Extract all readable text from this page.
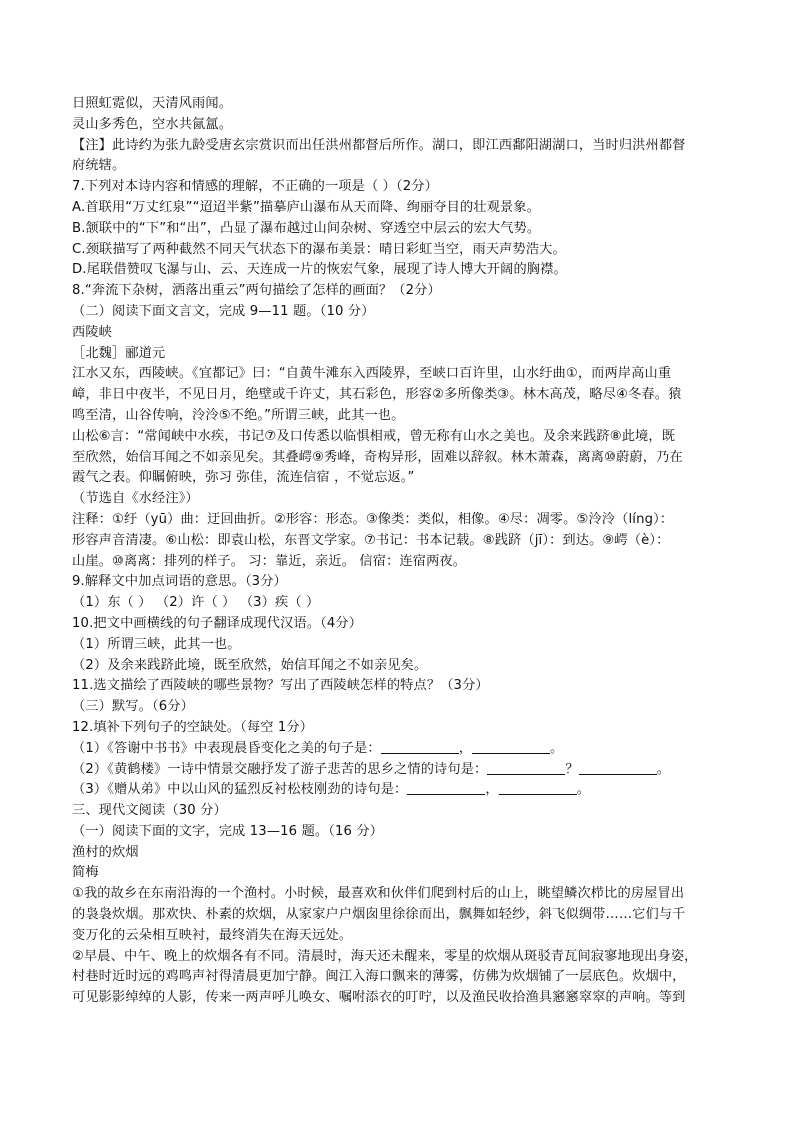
日照虹霓似，天清风雨闻。
灵山多秀色，空水共氤氲。
【注】此诗约为张九龄受唐玄宗赏识而出任洪州都督后所作。湖口，即江西鄱阳湖湖口，当时归洪州都督
府统辖。
7.下列对本诗内容和情感的理解，不正确的一项是（ ）（2分）
A.首联用“万丈红泉”“迢迢半紫”描摹庐山瀑布从天而降、绚丽夺目的壮观景象。
B.颔联中的“下”和“出”，凸显了瀑布越过山间杂树、穿透空中层云的宏大气势。
C.颈联描写了两种截然不同天气状态下的瀑布美景：晴日彩虹当空，雨天声势浩大。
D.尾联借赞叹飞瀑与山、云、天连成一片的恢宏气象，展现了诗人博大开阔的胸襟。
8.“奔流下杂树，洒落出重云”两句描绘了怎样的画面？（2分）
（二）阅读下面文言文，完成 9—11 题。（10 分）
西陵峡
［北魏］郦道元
江水又东，西陵峡。《宜都记》曰：“自黄牛滩东入西陵界，至峡口百许里，山水纡曲①，而两岸高山重
嶂，非日中夜半，不见日月，绝壁或千许丈，其石彩色，形容②多所像类③。林木高茂，略尽④冬春。猿
鸣至清，山谷传响，泠泠⑤不绝。”所谓三峡，此其一也。
山松⑥言：“常闻峡中水疾，书记⑦及口传悉以临惧相戒，曾无称有山水之美也。及余来践跻⑧此境，既
至欣然，始信耳闻之不如亲见矣。其叠崿⑨秀峰，奇构异形，固难以辞叙。林木萧森，离离⑩蔚蔚，乃在
霞气之表。仰瞩俯映，弥习 弥佳，流连信宿 ，不觉忘返。”
（节选自《水经注》）
注释：①纡（yū）曲：迂回曲折。②形容：形态。③像类：类似，相像。④尽：凋零。⑤泠泠（líng）：
形容声音清凄。⑥山松：即袁山松，东晋文学家。⑦书记：书本记载。⑧践跻（jī）：到达。⑨崿（è）：
山崖。⑩离离：排列的样子。 习：靠近，亲近。 信宿：连宿两夜。
9.解释文中加点词语的意思。（3分）
（1）东（ ） （2）许（ ） （3）疾（ ）
10.把文中画横线的句子翻译成现代汉语。（4分）
（1）所谓三峡，此其一也。
（2）及余来践跻此境，既至欣然，始信耳闻之不如亲见矣。
11.选文描绘了西陵峡的哪些景物？写出了西陵峡怎样的特点？（3分）
（三）默写。（6分）
12.填补下列句子的空缺处。（每空 1分）
（1）《答谢中书书》中表现晨昏变化之美的句子是：	，	。
（2）《黄鹤楼》一诗中情景交融抒发了游子悲苦的思乡之情的诗句是：	？	。
（3）《赠从弟》中以山风的猛烈反衬松枝刚劲的诗句是：	，	。
三、现代文阅读（30 分）
（一）阅读下面的文字，完成 13—16 题。（16 分）
渔村的炊烟
简梅
①我的故乡在东南沿海的一个渔村。小时候，最喜欢和伙伴们爬到村后的山上，眺望鳞次栉比的房屋冒出
的袅袅炊烟。那欢快、朴素的炊烟，从家家户户烟囱里徐徐而出，飘舞如轻纱，斜飞似绸带……它们与千
变万化的云朵相互映衬，最终消失在海天远处。
②早晨、中午、晚上的炊烟各有不同。清晨时，海天还未醒来，零星的炊烟从斑驳青瓦间寂寥地现出身姿，
村巷时近时远的鸡鸣声衬得清晨更加宁静。闽江入海口飘来的薄雾，仿佛为炊烟铺了一层底色。炊烟中，
可见影影绰绰的人影，传来一两声呼儿唤女、嘱咐添衣的叮咛，以及渔民收拾渔具窸窸窣窣的声响。等到
